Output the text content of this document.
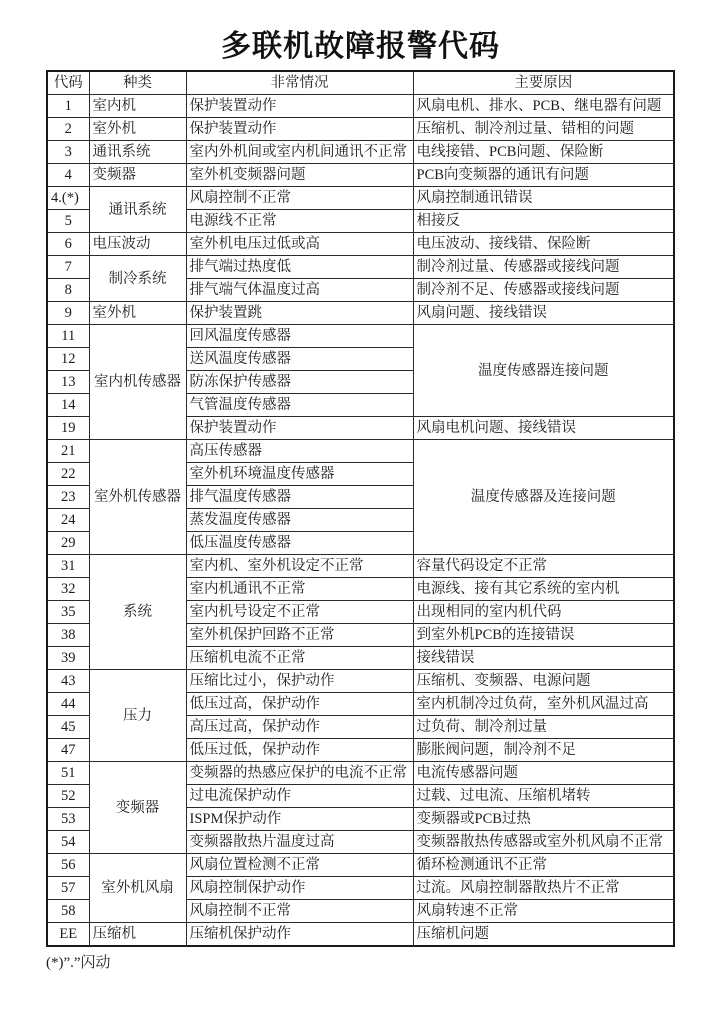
多联机故障报警代码
代码	种类	非常情况	主要原因
1	室内机	保护装置动作	风扇电机、排水、PCB、继电器有问题
2	室外机	保护装置动作	压缩机、制冷剂过量、错相的问题
3	通讯系统	室内外机间或室内机间通讯不正常	电线接错、PCB问题、保险断
4	变频器	室外机变频器问题	PCB向变频器的通讯有问题
4.(*)	通讯系统	风扇控制不正常	风扇控制通讯错误
5		电源线不正常	相接反
6	电压波动	室外机电压过低或高	电压波动、接线错、保险断
7	制冷系统	排气端过热度低	制冷剂过量、传感器或接线问题
8		排气端气体温度过高	制冷剂不足、传感器或接线问题
9	室外机	保护装置跳	风扇问题、接线错误
11	室内机传感器	回风温度传感器	温度传感器连接问题
12		送风温度传感器	
13		防冻保护传感器	
14		气管温度传感器	
19		保护装置动作	风扇电机问题、接线错误
21	室外机传感器	高压传感器	温度传感器及连接问题
22		室外机环境温度传感器	
23		排气温度传感器	
24		蒸发温度传感器	
29		低压温度传感器	
31	系统	室内机、室外机设定不正常	容量代码设定不正常
32		室内机通讯不正常	电源线、接有其它系统的室内机
35		室内机号设定不正常	出现相同的室内机代码
38		室外机保护回路不正常	到室外机PCB的连接错误
39		压缩机电流不正常	接线错误
43	压力	压缩比过小，保护动作	压缩机、变频器、电源问题
44		低压过高，保护动作	室内机制冷过负荷，室外机风温过高
45		高压过高，保护动作	过负荷、制冷剂过量
47		低压过低，保护动作	膨胀阀问题，制冷剂不足
51	变频器	变频器的热感应保护的电流不正常	电流传感器问题
52		过电流保护动作	过载、过电流、压缩机堵转
53		ISPM保护动作	变频器或PCB过热
54		变频器散热片温度过高	变频器散热传感器或室外机风扇不正常
56	室外机风扇	风扇位置检测不正常	循环检测通讯不正常
57		风扇控制保护动作	过流。风扇控制器散热片不正常
58		风扇控制不正常	风扇转速不正常
EE	压缩机	压缩机保护动作	压缩机问题
(*)”.”闪动
